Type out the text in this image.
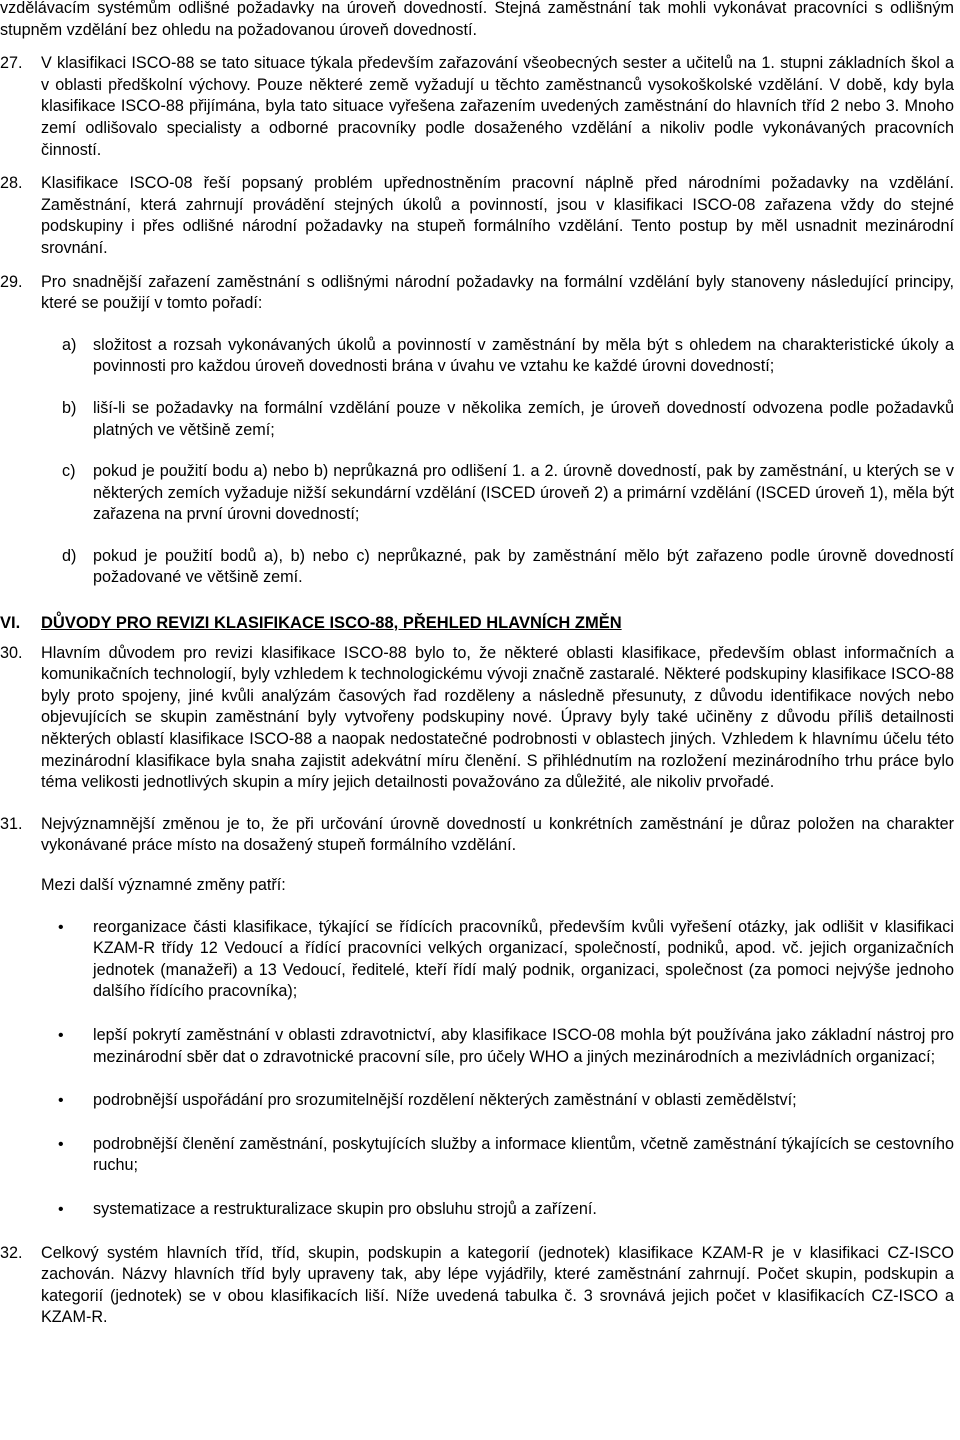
vzdělávacím systémům odlišné požadavky na úroveň dovedností. Stejná zaměstnání tak mohli vykonávat pracovníci s odlišným stupněm vzdělání bez ohledu na požadovanou úroveň dovedností.

27. V klasifikaci ISCO-88 se tato situace týkala především zařazování všeobecných sester a učitelů na 1. stupni základních škol a v oblasti předškolní výchovy. Pouze některé země vyžadují u těchto zaměstnanců vysokoškolské vzdělání. V době, kdy byla klasifikace ISCO-88 přijímána, byla tato situace vyřešena zařazením uvedených zaměstnání do hlavních tříd 2 nebo 3. Mnoho zemí odlišovalo specialisty a odborné pracovníky podle dosaženého vzdělání a nikoliv podle vykonávaných pracovních činností.

28. Klasifikace ISCO-08 řeší popsaný problém upřednostněním pracovní náplně před národními požadavky na vzdělání. Zaměstnání, která zahrnují provádění stejných úkolů a povinností, jsou v klasifikaci ISCO-08 zařazena vždy do stejné podskupiny i přes odlišné národní požadavky na stupeň formálního vzdělání. Tento postup by měl usnadnit mezinárodní srovnání.

29. Pro snadnější zařazení zaměstnání s odlišnými národní požadavky na formální vzdělání byly stanoveny následující principy, které se použijí v tomto pořadí:

a) složitost a rozsah vykonávaných úkolů a povinností v zaměstnání by měla být s ohledem na charakteristické úkoly a povinnosti pro každou úroveň dovednosti brána v úvahu ve vztahu ke každé úrovni dovedností;

b) liší-li se požadavky na formální vzdělání pouze v několika zemích, je úroveň dovedností odvozena podle požadavků platných ve většině zemí;

c) pokud je použití bodu a) nebo b) neprůkazná pro odlišení 1. a 2. úrovně dovedností, pak by zaměstnání, u kterých se v některých zemích vyžaduje nižší sekundární vzdělání (ISCED úroveň 2) a primární vzdělání (ISCED úroveň 1), měla být zařazena na první úrovni dovedností;

d) pokud je použití bodů a), b) nebo c) neprůkazné, pak by zaměstnání mělo být zařazeno podle úrovně dovedností požadované ve většině zemí.

VI. DŮVODY PRO REVIZI KLASIFIKACE ISCO-88, PŘEHLED HLAVNÍCH ZMĚN
30. Hlavním důvodem pro revizi klasifikace ISCO-88 bylo to, že některé oblasti klasifikace, především oblast informačních a komunikačních technologií, byly vzhledem k technologickému vývoji značně zastaralé. Některé podskupiny klasifikace ISCO-88 byly proto spojeny, jiné kvůli analýzám časových řad rozděleny a následně přesunuty, z důvodu identifikace nových nebo objevujících se skupin zaměstnání byly vytvořeny podskupiny nové. Úpravy byly také učiněny z důvodu příliš detailnosti některých oblastí klasifikace ISCO-88 a naopak nedostatečné podrobnosti v oblastech jiných. Vzhledem k hlavnímu účelu této mezinárodní klasifikace byla snaha zajistit adekvátní míru členění. S přihlédnutím na rozložení mezinárodního trhu práce bylo téma velikosti jednotlivých skupin a míry jejich detailnosti považováno za důležité, ale nikoliv prvořadé.

31. Nejvýznamnější změnou je to, že při určování úrovně dovedností u konkrétních zaměstnání je důraz položen na charakter vykonávané práce místo na dosažený stupeň formálního vzdělání.

Mezi další významné změny patří:

• reorganizace části klasifikace, týkající se řídících pracovníků, především kvůli vyřešení otázky, jak odlišit v klasifikaci KZAM-R třídy 12 Vedoucí a řídící pracovníci velkých organizací, společností, podniků, apod. vč. jejich organizačních jednotek (manažeři) a 13 Vedoucí, ředitelé, kteří řídí malý podnik, organizaci, společnost (za pomoci nejvýše jednoho dalšího řídícího pracovníka);

• lepší pokrytí zaměstnání v oblasti zdravotnictví, aby klasifikace ISCO-08 mohla být používána jako základní nástroj pro mezinárodní sběr dat o zdravotnické pracovní síle, pro účely WHO a jiných mezinárodních a mezivládních organizací;

• podrobnější uspořádání pro srozumitelnější rozdělení některých zaměstnání v oblasti zemědělství;

• podrobnější členění zaměstnání, poskytujících služby a informace klientům, včetně zaměstnání týkajících se cestovního ruchu;

• systematizace a restrukturalizace skupin pro obsluhu strojů a zařízení.

32. Celkový systém hlavních tříd, tříd, skupin, podskupin a kategorií (jednotek) klasifikace KZAM-R je v klasifikaci CZ-ISCO zachován. Názvy hlavních tříd byly upraveny tak, aby lépe vyjádřily, které zaměstnání zahrnují. Počet skupin, podskupin a kategorií (jednotek) se v obou klasifikacích liší. Níže uvedená tabulka č. 3 srovnává jejich počet v klasifikacích CZ-ISCO a KZAM-R.
